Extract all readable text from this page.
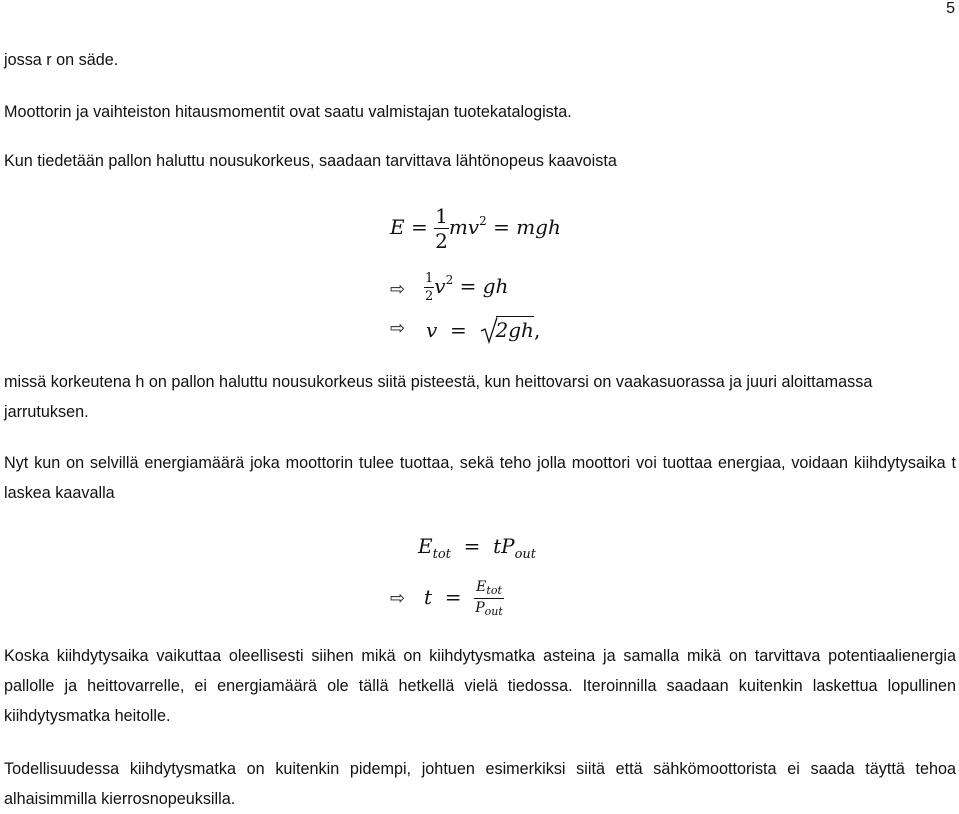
5

jossa r on säde.

Moottorin ja vaihteiston hitausmomentit ovat saatu valmistajan tuotekatalogista.

Kun tiedetään pallon haluttu nousukorkeus, saadaan tarvittava lähtönopeus kaavoista

$E = \frac{1}{2} mv^2$ = mgh
⇨ $\frac{1}{2} v^2$ = gh
⇨ v = 2gh,

missä korkeutena h on pallon haluttu nousukorkeus siitä pisteestä, kun heittovarsi on vaakasuorassa ja juuri aloittamassa jarrutuksen.

Nyt kun on selvillä energiamäärä joka moottorin tulee tuottaa, sekä teho jolla moottori voi tuottaa energiaa, voidaan kiihdytysaika t laskea kaavalla

$E_{tot} = tP_{out}$
⇨ $t = \frac{E_{tot}}{P_{out}}$

Koska kiihdytysaika vaikuttaa oleellisesti siihen mikä on kiihdytysmatka asteina ja samalla mikä on tarvittava potentiaalienergia pallolle ja heittovarrelle, ei energiamäärä ole tällä hetkellä vielä tiedossa. Iteroinnilla saadaan kuitenkin laskettua lopullinen kiihdytysmatka heitolle.

Todellisuudessa kiihdytysmatka on kuitenkin pidempi, johtuen esimerkiksi siitä että sähkömoottorista ei saada täyttä tehoa alhaisimmilla kierrosnopeuksilla.
